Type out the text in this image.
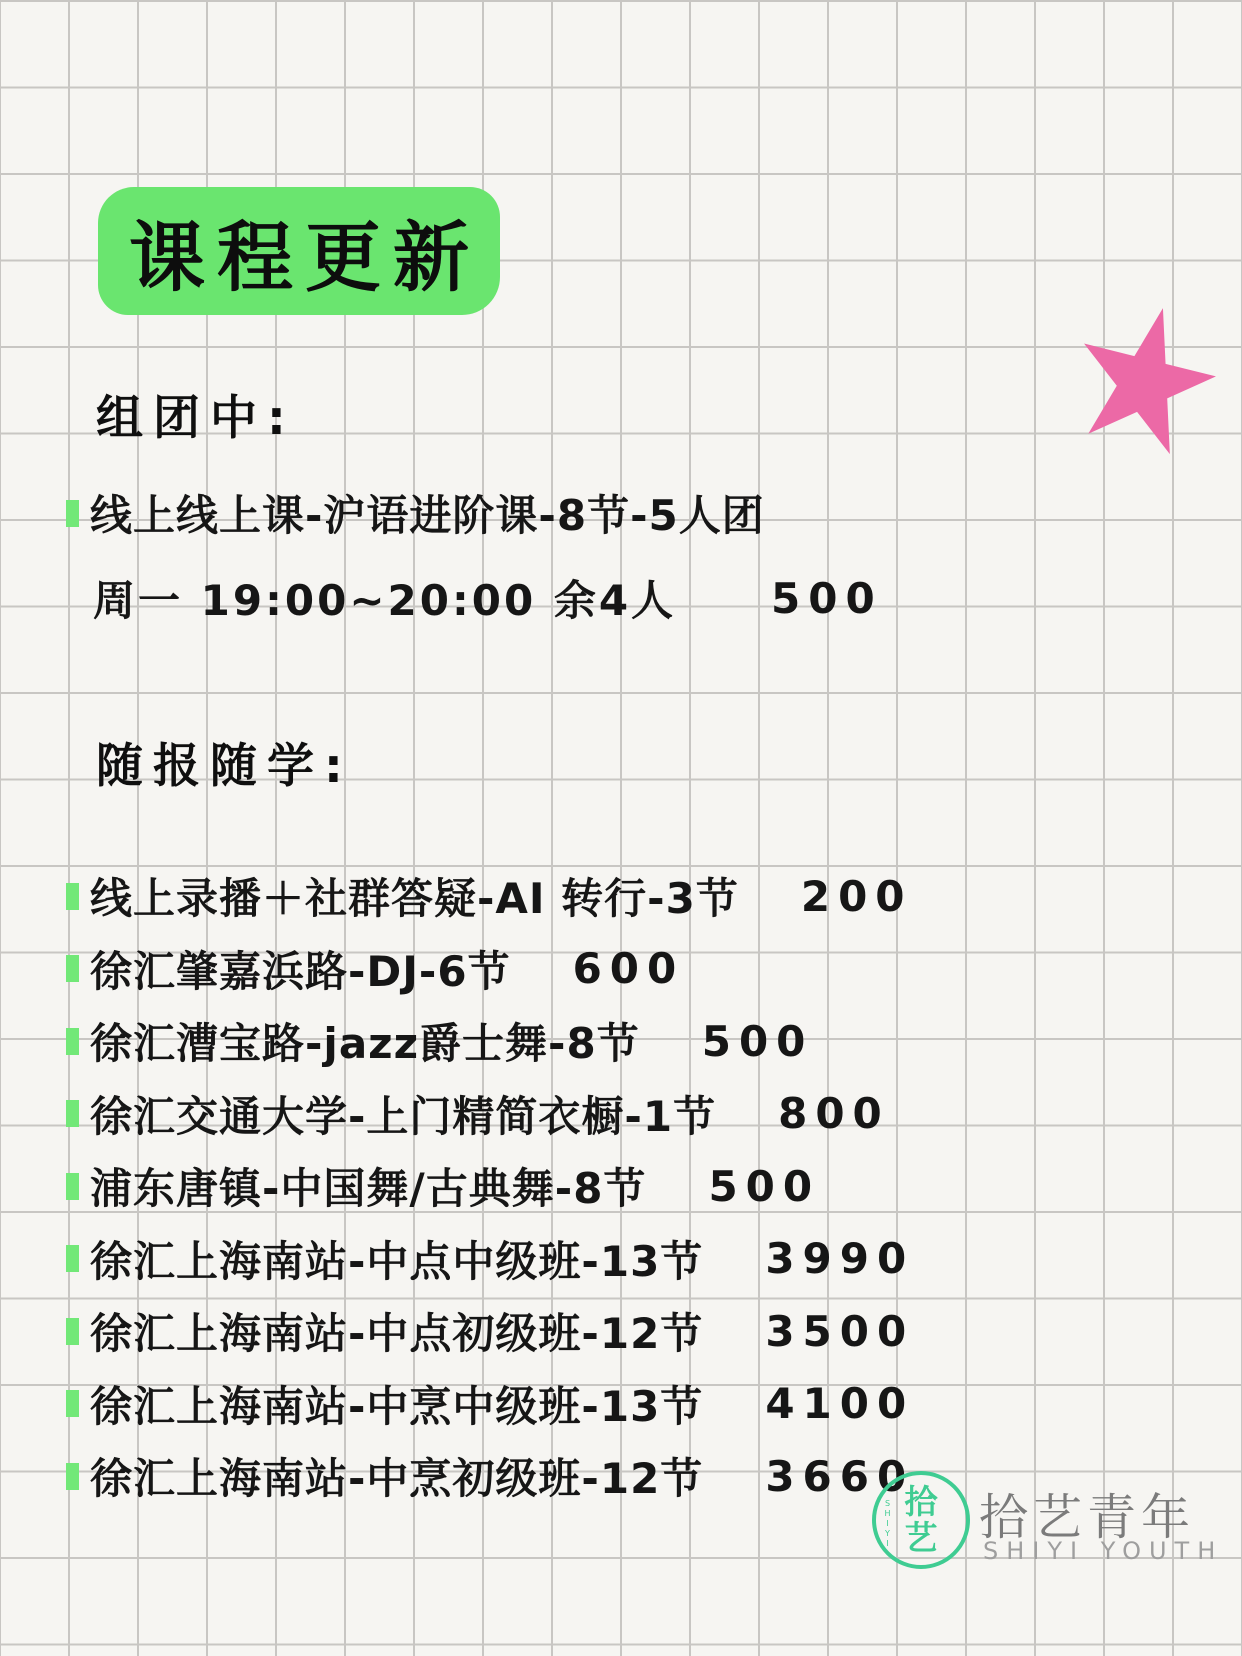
课程更新
组团中:
线上线上课-沪语进阶课-8节-5人团
周一 19:00~20:00 余4人 500
随报随学:
线上录播＋社群答疑-AI 转行-3节 200
徐汇肇嘉浜路-DJ-6节 600
徐汇漕宝路-jazz爵士舞-8节 500
徐汇交通大学-上门精简衣橱-1节 800
浦东唐镇-中国舞/古典舞-8节 500
徐汇上海南站-中点中级班-13节 3990
徐汇上海南站-中点初级班-12节 3500
徐汇上海南站-中烹中级班-13节 4100
徐汇上海南站-中烹初级班-12节 3660
SHIYI 拾
艺 拾艺青年
SHIYI YOUTH
